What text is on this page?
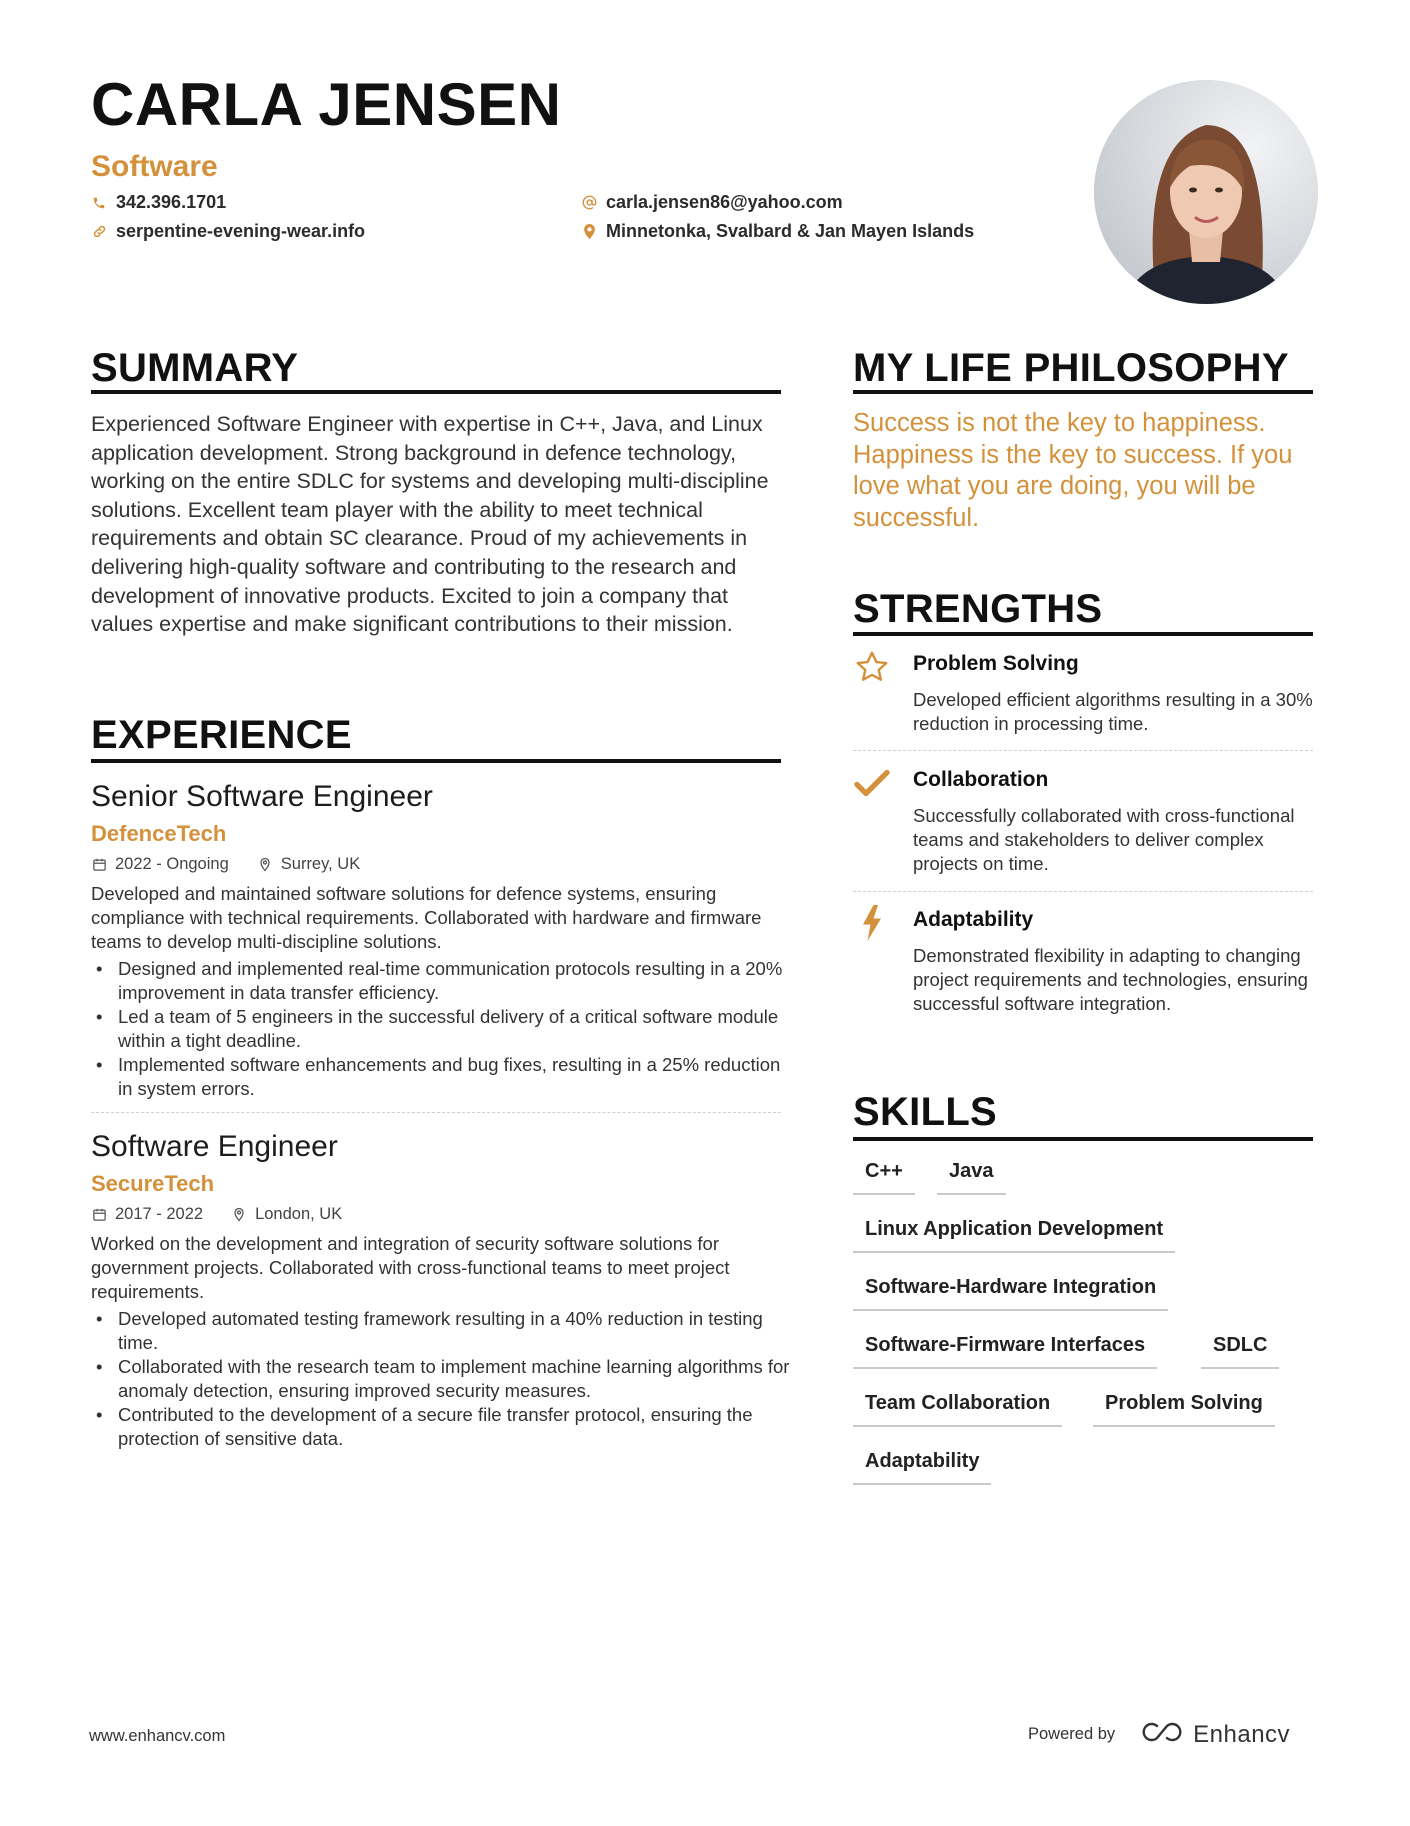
CARLA JENSEN
Software
342.396.1701
serpentine-evening-wear.info
carla.jensen86@yahoo.com
Minnetonka, Svalbard & Jan Mayen Islands
SUMMARY
Experienced Software Engineer with expertise in C++, Java, and Linux application development. Strong background in defence technology, working on the entire SDLC for systems and developing multi-discipline solutions. Excellent team player with the ability to meet technical requirements and obtain SC clearance. Proud of my achievements in delivering high-quality software and contributing to the research and development of innovative products. Excited to join a company that values expertise and make significant contributions to their mission.
EXPERIENCE
Senior Software Engineer
DefenceTech
2022 - Ongoing	Surrey, UK
Developed and maintained software solutions for defence systems, ensuring compliance with technical requirements. Collaborated with hardware and firmware teams to develop multi-discipline solutions.
• Designed and implemented real-time communication protocols resulting in a 20% improvement in data transfer efficiency.
• Led a team of 5 engineers in the successful delivery of a critical software module within a tight deadline.
• Implemented software enhancements and bug fixes, resulting in a 25% reduction in system errors.
Software Engineer
SecureTech
2017 - 2022	London, UK
Worked on the development and integration of security software solutions for government projects. Collaborated with cross-functional teams to meet project requirements.
• Developed automated testing framework resulting in a 40% reduction in testing time.
• Collaborated with the research team to implement machine learning algorithms for anomaly detection, ensuring improved security measures.
• Contributed to the development of a secure file transfer protocol, ensuring the protection of sensitive data.
MY LIFE PHILOSOPHY
Success is not the key to happiness. Happiness is the key to success. If you love what you are doing, you will be successful.
STRENGTHS
Problem Solving
Developed efficient algorithms resulting in a 30% reduction in processing time.
Collaboration
Successfully collaborated with cross-functional teams and stakeholders to deliver complex projects on time.
Adaptability
Demonstrated flexibility in adapting to changing project requirements and technologies, ensuring successful software integration.
SKILLS
C++	Java
Linux Application Development
Software-Hardware Integration
Software-Firmware Interfaces	SDLC
Team Collaboration	Problem Solving
Adaptability
www.enhancv.com	Powered by	Enhancv
